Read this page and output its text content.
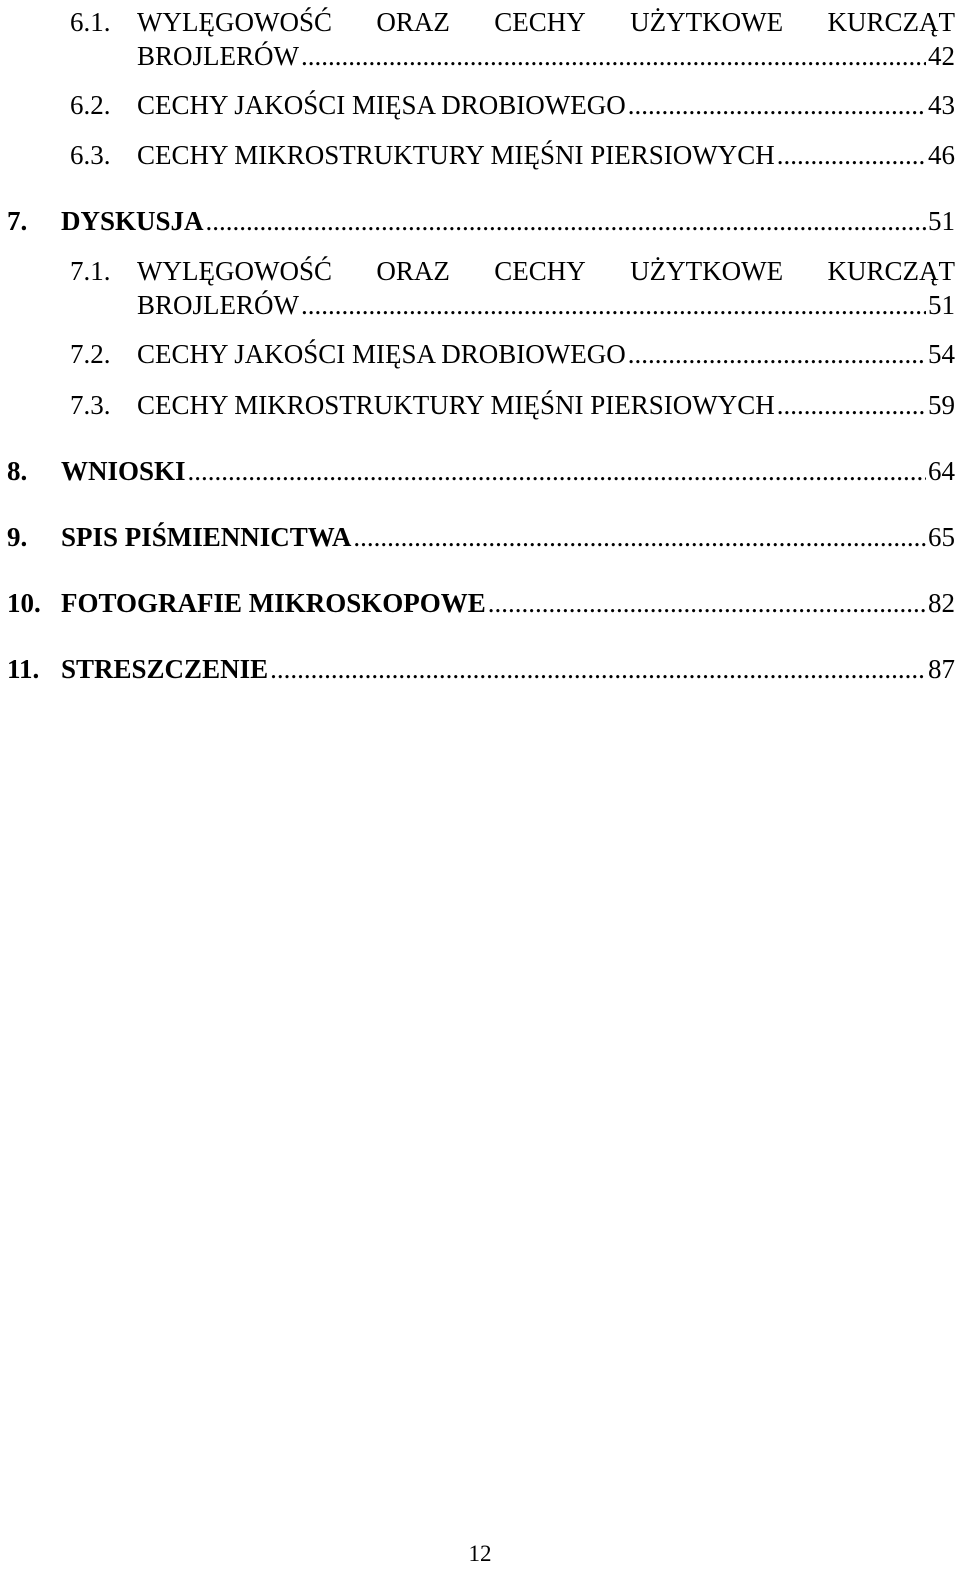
6.1. WYLĘGOWOŚĆ ORAZ CECHY UŻYTKOWE KURCZĄT
BROJLERÓW .....	42
6.2. CECHY JAKOŚCI MIĘSA DROBIOWEGO .....	43
6.3. CECHY MIKROSTRUKTURY MIĘŚNI PIERSIOWYCH .....	46
7. DYSKUSJA .....	51
7.1. WYLĘGOWOŚĆ ORAZ CECHY UŻYTKOWE KURCZĄT
BROJLERÓW .....	51
7.2. CECHY JAKOŚCI MIĘSA DROBIOWEGO .....	54
7.3. CECHY MIKROSTRUKTURY MIĘŚNI PIERSIOWYCH .....	59
8. WNIOSKI .....	64
9. SPIS PIŚMIENNICTWA .....	65
10. FOTOGRAFIE MIKROSKOPOWE .....	82
11. STRESZCZENIE .....	87
12
